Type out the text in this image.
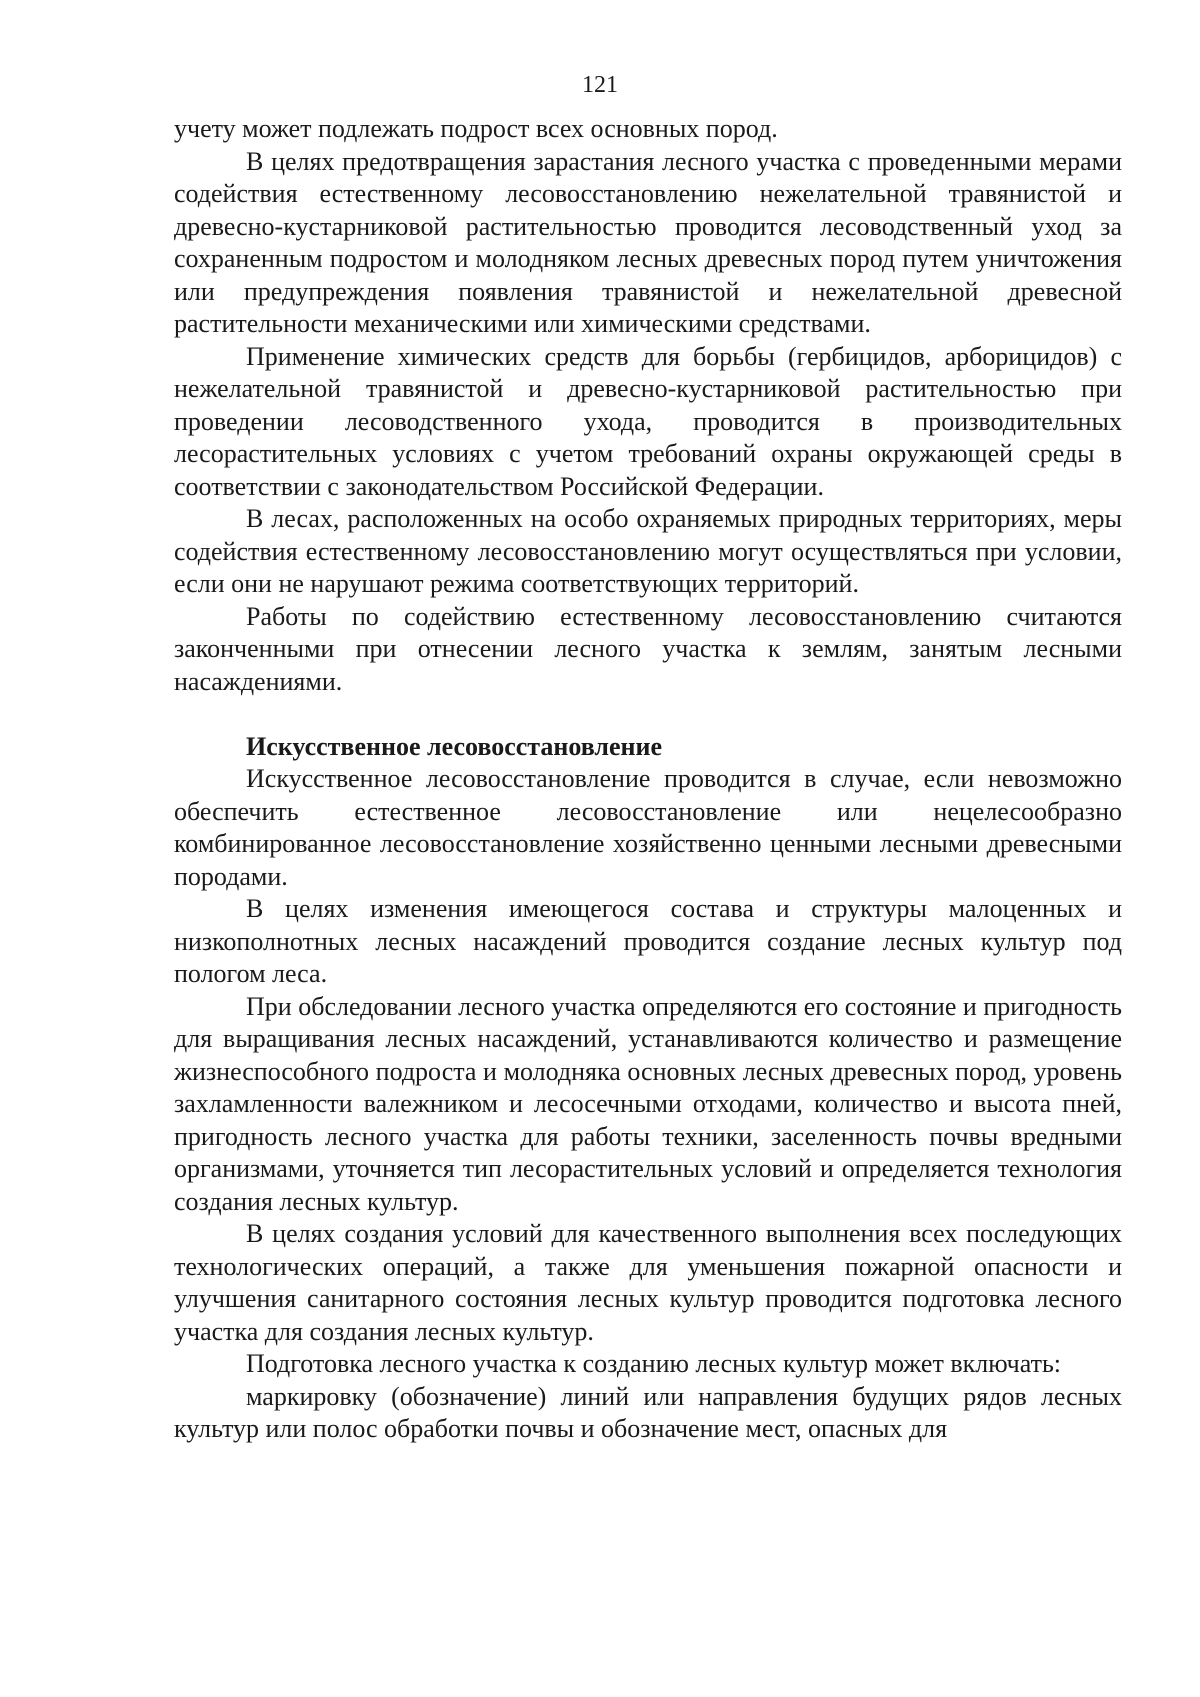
121

учету может подлежать подрост всех основных пород.

В целях предотвращения зарастания лесного участка с проведенными мерами содействия естественному лесовосстановлению нежелательной травянистой и древесно-кустарниковой растительностью проводится лесоводственный уход за сохраненным подростом и молодняком лесных древесных пород путем уничтожения или предупреждения появления травянистой и нежелательной древесной растительности механическими или химическими средствами.

Применение химических средств для борьбы (гербицидов, арборицидов) с нежелательной травянистой и древесно-кустарниковой растительностью при проведении лесоводственного ухода, проводится в производительных лесорастительных условиях с учетом требований охраны окружающей среды в соответствии с законодательством Российской Федерации.

В лесах, расположенных на особо охраняемых природных территориях, меры содействия естественному лесовосстановлению могут осуществляться при условии, если они не нарушают режима соответствующих территорий.

Работы по содействию естественному лесовосстановлению считаются законченными при отнесении лесного участка к землям, занятым лесными насаждениями.

Искусственное лесовосстановление

Искусственное лесовосстановление проводится в случае, если невозможно обеспечить естественное лесовосстановление или нецелесообразно комбинированное лесовосстановление хозяйственно ценными лесными древесными породами.

В целях изменения имеющегося состава и структуры малоценных и низкополнотных лесных насаждений проводится создание лесных культур под пологом леса.

При обследовании лесного участка определяются его состояние и пригодность для выращивания лесных насаждений, устанавливаются количество и размещение жизнеспособного подроста и молодняка основных лесных древесных пород, уровень захламленности валежником и лесосечными отходами, количество и высота пней, пригодность лесного участка для работы техники, заселенность почвы вредными организмами, уточняется тип лесорастительных условий и определяется технология создания лесных культур.

В целях создания условий для качественного выполнения всех последующих технологических операций, а также для уменьшения пожарной опасности и улучшения санитарного состояния лесных культур проводится подготовка лесного участка для создания лесных культур.

Подготовка лесного участка к созданию лесных культур может включать:

маркировку (обозначение) линий или направления будущих рядов лесных культур или полос обработки почвы и обозначение мест, опасных для
